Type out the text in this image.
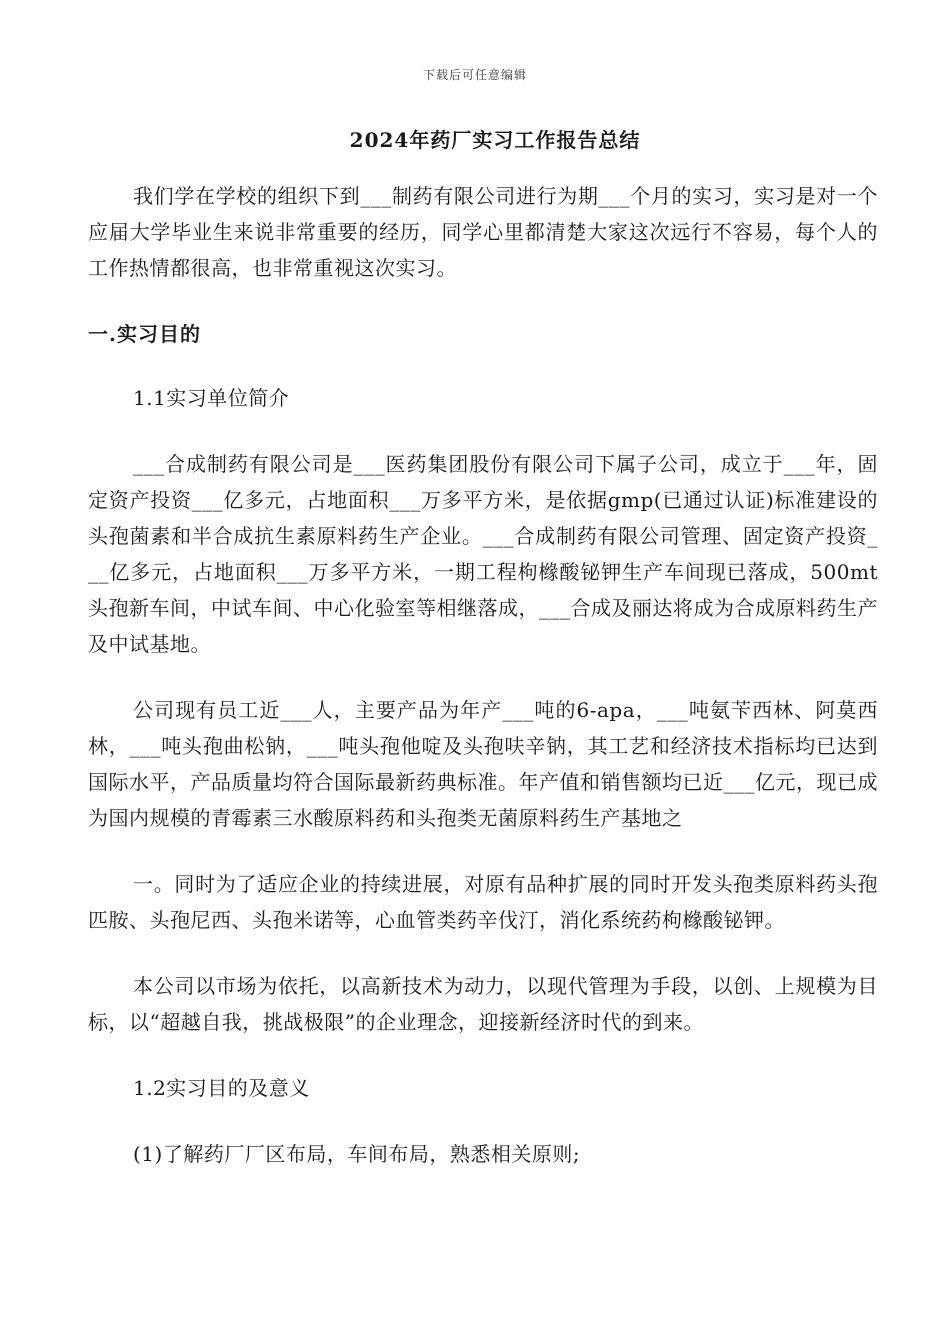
下载后可任意编辑
2024年药厂实习工作报告总结

我们学在学校的组织下到___制药有限公司进行为期___个月的实习，实习是对一个应届大学毕业生来说非常重要的经历，同学心里都清楚大家这次远行不容易，每个人的工作热情都很高，也非常重视这次实习。

一.实习目的
1.1实习单位简介

___合成制药有限公司是___医药集团股份有限公司下属子公司，成立于___年，固定资产投资___亿多元，占地面积___万多平方米，是依据gmp(已通过认证)标准建设的头孢菌素和半合成抗生素原料药生产企业。___合成制药有限公司管理、固定资产投资___亿多元，占地面积___万多平方米，一期工程枸橼酸铋钾生产车间现已落成，500mt头孢新车间，中试车间、中心化验室等相继落成，___合成及丽达将成为合成原料药生产及中试基地。

公司现有员工近___人，主要产品为年产___吨的6-apa，___吨氨苄西林、阿莫西林，___吨头孢曲松钠，___吨头孢他啶及头孢呋辛钠，其工艺和经济技术指标均已达到国际水平，产品质量均符合国际最新药典标准。年产值和销售额均已近___亿元，现已成为国内规模的青霉素三水酸原料药和头孢类无菌原料药生产基地之

一。同时为了适应企业的持续进展，对原有品种扩展的同时开发头孢类原料药头孢匹胺、头孢尼西、头孢米诺等，心血管类药辛伐汀，消化系统药枸橼酸铋钾。

本公司以市场为依托，以高新技术为动力，以现代管理为手段，以创、上规模为目标，以“超越自我，挑战极限”的企业理念，迎接新经济时代的到来。

1.2实习目的及意义
(1)了解药厂厂区布局，车间布局，熟悉相关原则;
